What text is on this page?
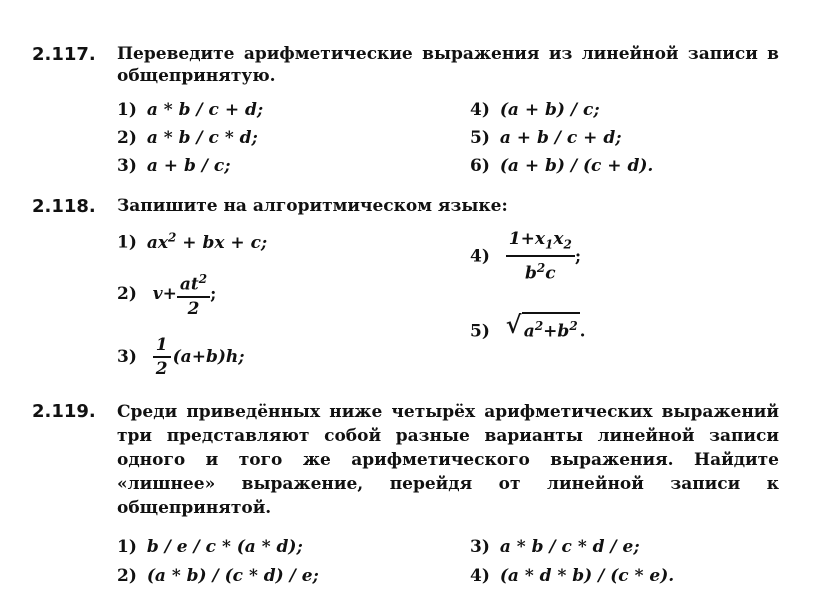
2.117. Переведите арифметические выражения из линейной записи в общепринятую.
1) a * b / c + d;
2) a * b / c * d;
3) a + b / c;
4) (a + b) / c;
5) a + b / c + d;
6) (a + b) / (c + d).
2.118. Запишите на алгоритмическом языке:
1) $ax^2$ + bx + c;
2) $v+ \frac{at^2}{2}$ ;
$3) \frac{1}{2} (a+b)h$;
$4) \frac{1+x_1x_2}{b^2c}$ ;
5) √ $a^2+b^2$ .
2.119. Среди приведённых ниже четырёх арифметических выражений три представляют собой разные варианты линейной записи одного и того же арифметического выражения. Найдите «лишнее» выражение, перейдя от линейной записи к общепринятой.
1) b / e / c * (a * d);
2) (a * b) / (c * d) / e;
3) a * b / c * d / e;
4) (a * d * b) / (c * e).
